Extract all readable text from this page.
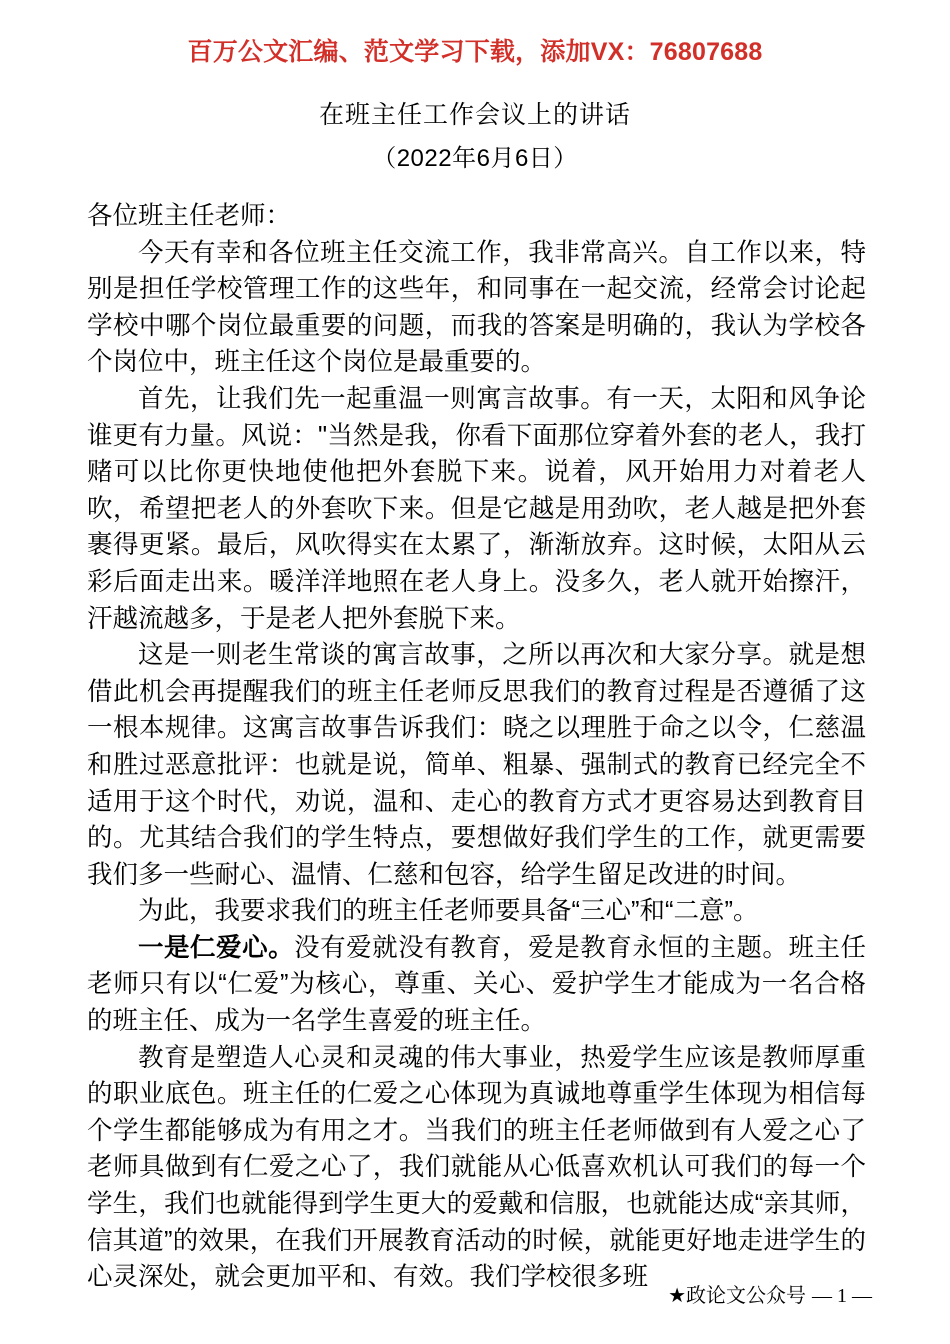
百万公文汇编、范文学习下载，添加VX：76807688
在班主任工作会议上的讲话
（2022年6月6日）

各位班主任老师：

今天有幸和各位班主任交流工作，我非常高兴。自工作以来，特别是担任学校管理工作的这些年，和同事在一起交流，经常会讨论起学校中哪个岗位最重要的问题，而我的答案是明确的，我认为学校各个岗位中，班主任这个岗位是最重要的。

首先，让我们先一起重温一则寓言故事。有一天，太阳和风争论谁更有力量。风说："当然是我，你看下面那位穿着外套的老人，我打赌可以比你更快地使他把外套脱下来。说着，风开始用力对着老人吹，希望把老人的外套吹下来。但是它越是用劲吹，老人越是把外套裹得更紧。最后，风吹得实在太累了，渐渐放弃。这时候，太阳从云彩后面走出来。暖洋洋地照在老人身上。没多久，老人就开始擦汗，汗越流越多，于是老人把外套脱下来。

这是一则老生常谈的寓言故事，之所以再次和大家分享。就是想借此机会再提醒我们的班主任老师反思我们的教育过程是否遵循了这一根本规律。这寓言故事告诉我们：晓之以理胜于命之以令，仁慈温和胜过恶意批评：也就是说，简单、粗暴、强制式的教育已经完全不适用于这个时代，劝说，温和、走心的教育方式才更容易达到教育目的。尤其结合我们的学生特点，要想做好我们学生的工作，就更需要我们多一些耐心、温情、仁慈和包容，给学生留足改进的时间。

为此，我要求我们的班主任老师要具备“三心”和“二意”。

一是仁爱心。没有爱就没有教育，爱是教育永恒的主题。班主任老师只有以“仁爱”为核心，尊重、关心、爱护学生才能成为一名合格的班主任、成为一名学生喜爱的班主任。

教育是塑造人心灵和灵魂的伟大事业，热爱学生应该是教师厚重的职业底色。班主任的仁爱之心体现为真诚地尊重学生体现为相信每个学生都能够成为有用之才。当我们的班主任老师做到有人爱之心了老师具做到有仁爱之心了，我们就能从心低喜欢机认可我们的每一个学生，我们也就能得到学生更大的爱戴和信服，也就能达成“亲其师，信其道”的效果，在我们开展教育活动的时候，就能更好地走进学生的心灵深处，就会更加平和、有效。我们学校很多班

★政论文公众号 — 1 —
